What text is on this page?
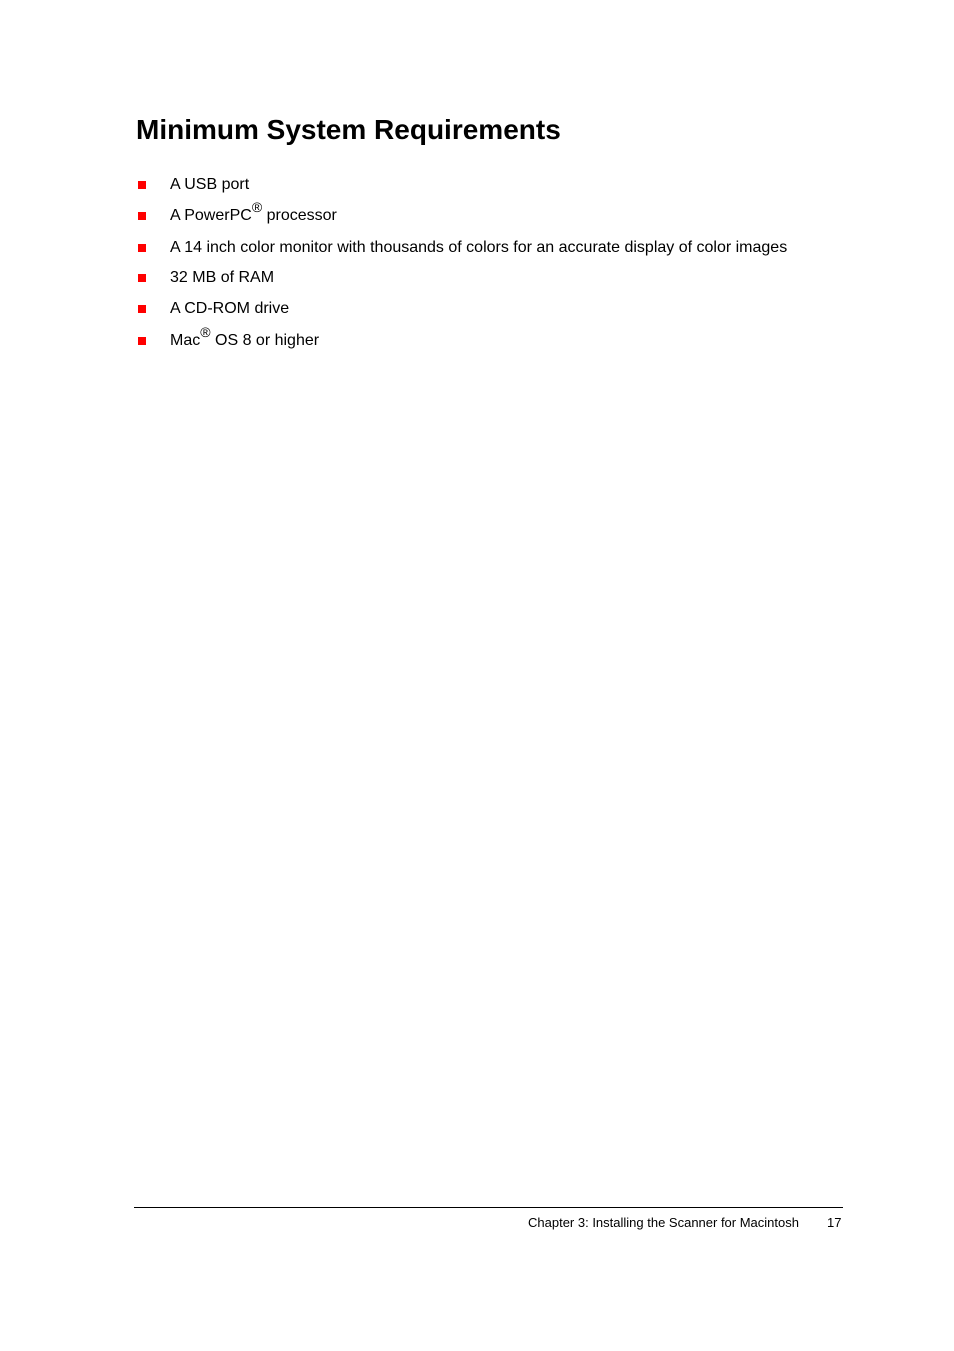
Minimum System Requirements
A USB port
A PowerPC® processor
A 14 inch color monitor with thousands of colors for an accurate display of color images
32 MB of RAM
A CD-ROM drive
Mac® OS 8 or higher
Chapter 3: Installing the Scanner for Macintosh 17
